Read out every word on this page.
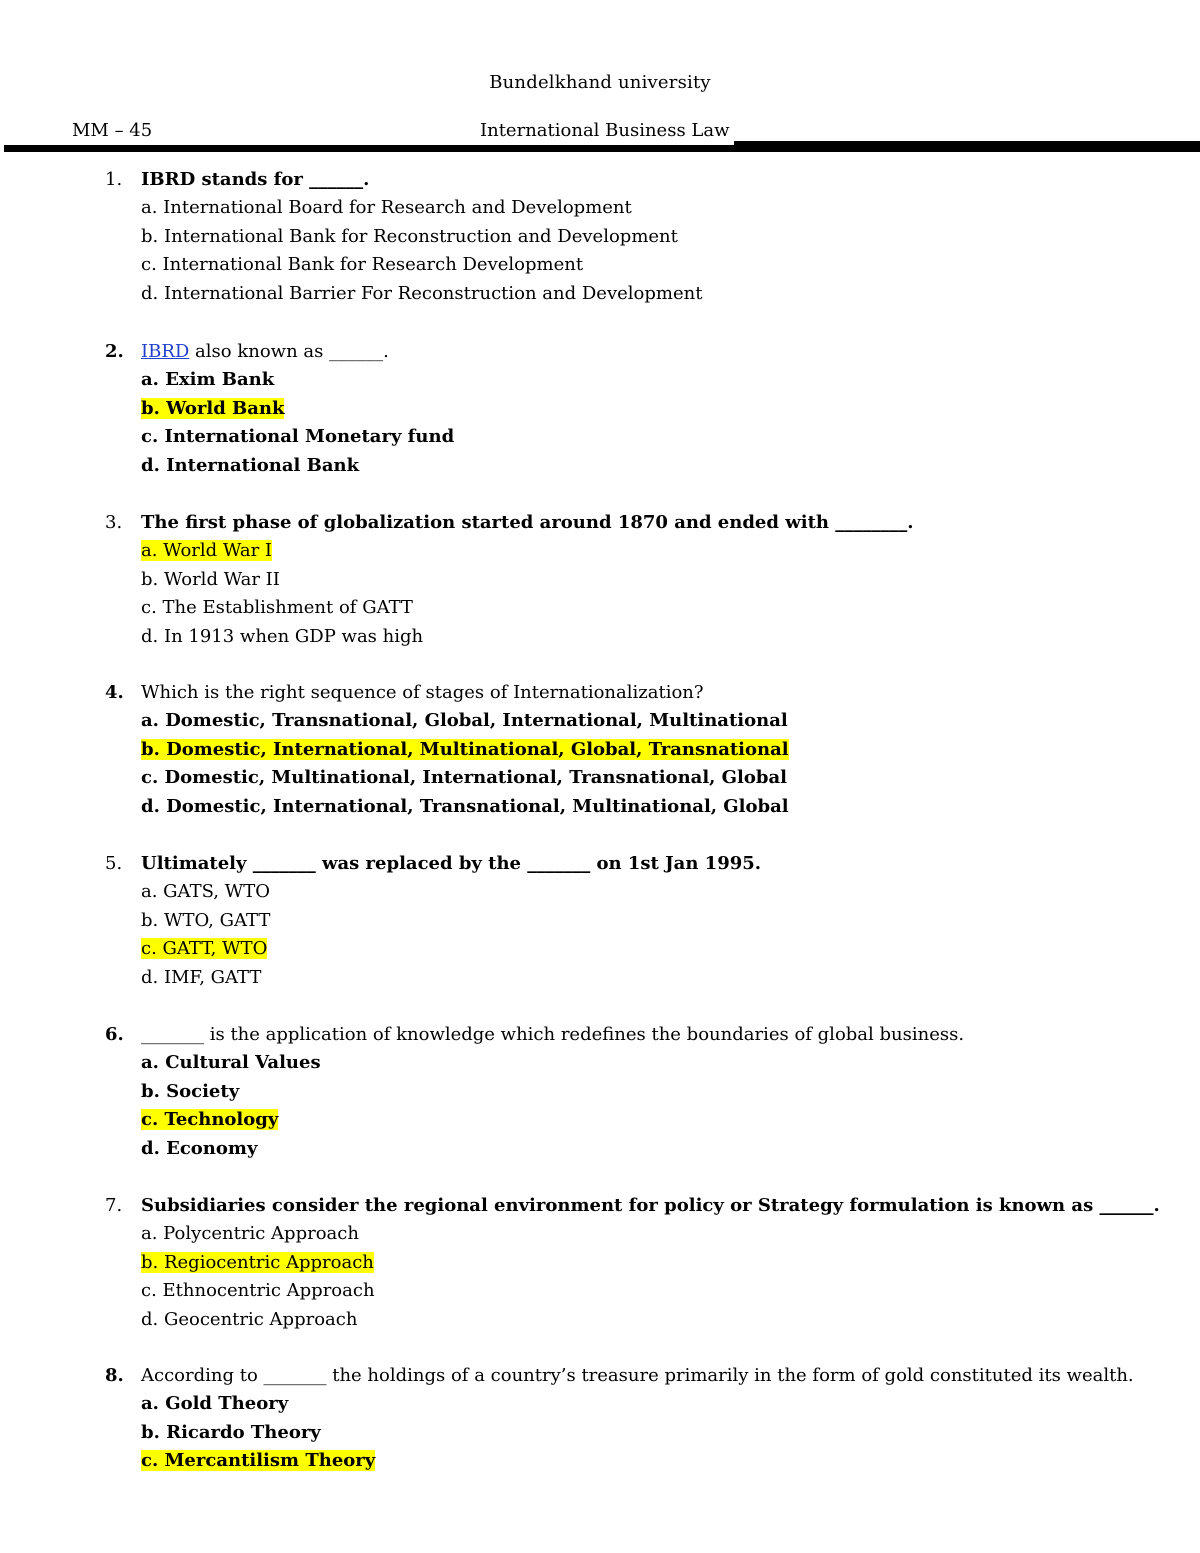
Bundelkhand university
MM – 45	International Business Law
1. IBRD stands for ______.
a. International Board for Research and Development
b. International Bank for Reconstruction and Development
c. International Bank for Research Development
d. International Barrier For Reconstruction and Development
2. IBRD also known as ______.
a. Exim Bank
b. World Bank
c. International Monetary fund
d. International Bank
3. The first phase of globalization started around 1870 and ended with ________.
a. World War I
b. World War II
c. The Establishment of GATT
d. In 1913 when GDP was high
4. Which is the right sequence of stages of Internationalization?
a. Domestic, Transnational, Global, International, Multinational
b. Domestic, International, Multinational, Global, Transnational
c. Domestic, Multinational, International, Transnational, Global
d. Domestic, International, Transnational, Multinational, Global
5. Ultimately _______ was replaced by the _______ on 1st Jan 1995.
a. GATS, WTO
b. WTO, GATT
c. GATT, WTO
d. IMF, GATT
6. _______ is the application of knowledge which redefines the boundaries of global business.
a. Cultural Values
b. Society
c. Technology
d. Economy
7. Subsidiaries consider the regional environment for policy or Strategy formulation is known as ______.
a. Polycentric Approach
b. Regiocentric Approach
c. Ethnocentric Approach
d. Geocentric Approach
8. According to _______ the holdings of a country’s treasure primarily in the form of gold constituted its wealth.
a. Gold Theory
b. Ricardo Theory
c. Mercantilism Theory
